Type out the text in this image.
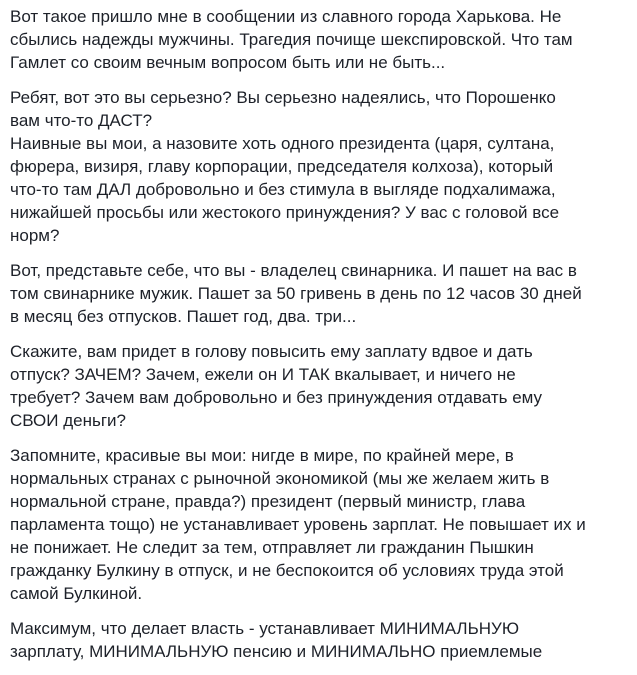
Вот такое пришло мне в сообщении из славного города Харькова. Не
сбылись надежды мужчины. Трагедия почище шекспировской. Что там
Гамлет со своим вечным вопросом быть или не быть...

Ребят, вот это вы серьезно? Вы серьезно надеялись, что Порошенко
вам что-то ДАСТ?
Наивные вы мои, а назовите хоть одного президента (царя, султана,
фюрера, визиря, главу корпорации, председателя колхоза), который
что-то там ДАЛ добровольно и без стимула в выгляде подхалимажа,
нижайшей просьбы или жестокого принуждения? У вас с головой все
норм?

Вот, представьте себе, что вы - владелец свинарника. И пашет на вас в
том свинарнике мужик. Пашет за 50 гривень в день по 12 часов 30 дней
в месяц без отпусков. Пашет год, два. три...

Скажите, вам придет в голову повысить ему заплату вдвое и дать
отпуск? ЗАЧЕМ? Зачем, ежели он И ТАК вкалывает, и ничего не
требует? Зачем вам добровольно и без принуждения отдавать ему
СВОИ деньги?

Запомните, красивые вы мои: нигде в мире, по крайней мере, в
нормальных странах с рыночной экономикой (мы же желаем жить в
нормальной стране, правда?) президент (первый министр, глава
парламента тощо) не устанавливает уровень зарплат. Не повышает их и
не понижает. Не следит за тем, отправляет ли гражданин Пышкин
гражданку Булкину в отпуск, и не беспокоится об условиях труда этой
самой Булкиной.

Максимум, что делает власть - устанавливает МИНИМАЛЬНУЮ
зарплату, МИНИМАЛЬНУЮ пенсию и МИНИМАЛЬНО приемлемые
